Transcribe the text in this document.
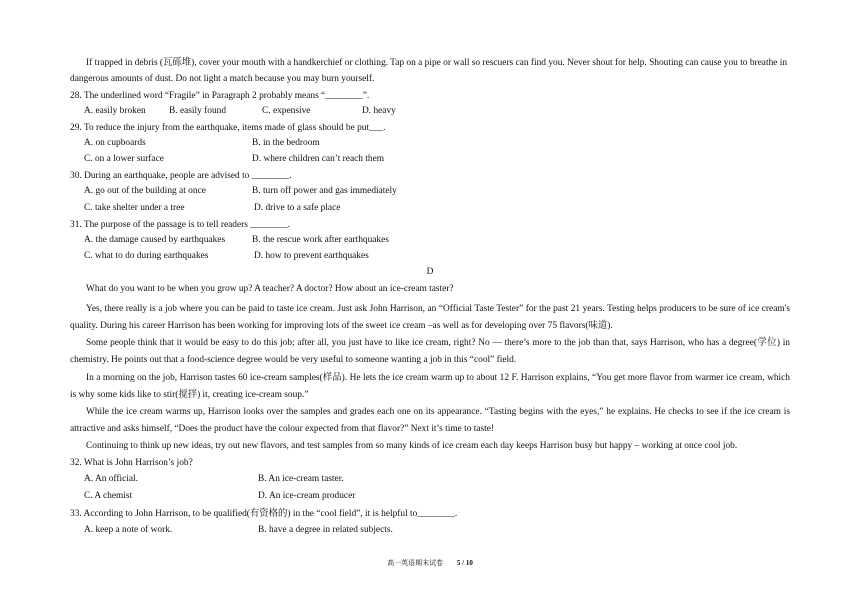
If trapped in debris (瓦砾堆), cover your mouth with a handkerchief or clothing. Tap on a pipe or wall so rescuers can find you. Never shout for help. Shouting can cause you to breathe in
dangerous amounts of dust. Do not light a match because you may burn yourself.
28. The underlined word “Fragile” in Paragraph 2 probably means “________”.
A. easily broken B. easily found	C. expensive	D. heavy
29. To reduce the injury from the earthquake, items made of glass should be put___.
A. on cupboards	B. in the bedroom
C. on a lower surface	D. where children can’t reach them
30. During an earthquake, people are advised to ________.
A. go out of the building at once	B. turn off power and gas immediately
C. take shelter under a tree	D. drive to a safe place
31. The purpose of the passage is to tell readers ________.
A. the damage caused by earthquakes	B. the rescue work after earthquakes
C. what to do during earthquakes	D. how to prevent earthquakes
D
What do you want to be when you grow up? A teacher? A doctor? How about an ice-cream taster?
Yes, there really is a job where you can be paid to taste ice cream. Just ask John Harrison, an “Official Taste Tester” for the past 21 years. Testing helps producers to be sure of ice cream's
quality. During his career Harrison has been working for improving lots of the sweet ice cream –as well as for developing over 75 flavors(味道).
Some people think that it would be easy to do this job; after all, you just have to like ice cream, right? No — there’s more to the job than that, says Harrison, who has a degree(学位) in
chemistry. He points out that a food-science degree would be very useful to someone wanting a job in this “cool” field.
In a morning on the job, Harrison tastes 60 ice-cream samples(样品). He lets the ice cream warm up to about 12 F. Harrison explains, “You get more flavor from warmer ice cream, which
is why some kids like to stir(搅拌) it, creating ice-cream soup.”
While the ice cream warms up, Harrison looks over the samples and grades each one on its appearance. “Tasting begins with the eyes,” he explains. He checks to see if the ice cream is
attractive and asks himself, “Does the product have the colour expected from that flavor?” Next it’s time to taste!
Continuing to think up new ideas, try out new flavors, and test samples from so many kinds of ice cream each day keeps Harrison busy but happy – working at once cool job.
32. What is John Harrison’s job?
A. An official.	B. An ice-cream taster.
C. A chemist	D. An ice-cream producer
33. According to John Harrison, to be qualified(有资格的) in the “cool field”, it is helpful to________.
A. keep a note of work.	B. have a degree in related subjects.
高一英语期末试卷 5 / 10
